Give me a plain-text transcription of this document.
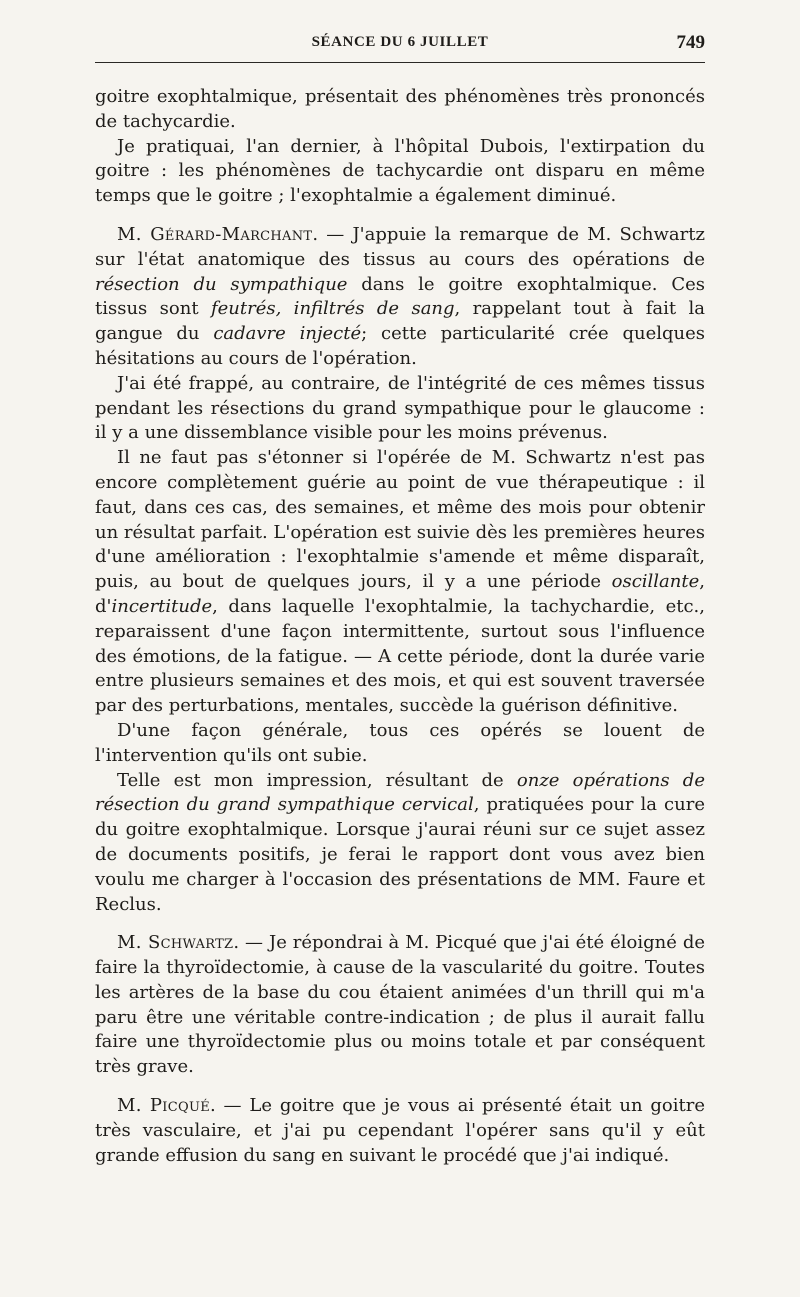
SÉANCE DU 6 JUILLET	749

goitre exophtalmique, présentait des phénomènes très prononcés de tachycardie.

Je pratiquai, l'an dernier, à l'hôpital Dubois, l'extirpation du goitre : les phénomènes de tachycardie ont disparu en même temps que le goitre ; l'exophtalmie a également diminué.

M. Gérard-Marchant. — J'appuie la remarque de M. Schwartz sur l'état anatomique des tissus au cours des opérations de résection du sympathique dans le goitre exophtalmique. Ces tissus sont feutrés, infiltrés de sang, rappelant tout à fait la gangue du cadavre injecté; cette particularité crée quelques hésitations au cours de l'opération.

J'ai été frappé, au contraire, de l'intégrité de ces mêmes tissus pendant les résections du grand sympathique pour le glaucome : il y a une dissemblance visible pour les moins prévenus.

Il ne faut pas s'étonner si l'opérée de M. Schwartz n'est pas encore complètement guérie au point de vue thérapeutique : il faut, dans ces cas, des semaines, et même des mois pour obtenir un résultat parfait. L'opération est suivie dès les premières heures d'une amélioration : l'exophtalmie s'amende et même disparaît, puis, au bout de quelques jours, il y a une période oscillante, d'incertitude, dans laquelle l'exophtalmie, la tachychardie, etc., reparaissent d'une façon intermittente, surtout sous l'influence des émotions, de la fatigue. — A cette période, dont la durée varie entre plusieurs semaines et des mois, et qui est souvent traversée par des perturbations, mentales, succède la guérison définitive.

D'une façon générale, tous ces opérés se louent de l'intervention qu'ils ont subie.

Telle est mon impression, résultant de onze opérations de résection du grand sympathique cervical, pratiquées pour la cure du goitre exophtalmique. Lorsque j'aurai réuni sur ce sujet assez de documents positifs, je ferai le rapport dont vous avez bien voulu me charger à l'occasion des présentations de MM. Faure et Reclus.

M. Schwartz. — Je répondrai à M. Picqué que j'ai été éloigné de faire la thyroïdectomie, à cause de la vascularité du goitre. Toutes les artères de la base du cou étaient animées d'un thrill qui m'a paru être une véritable contre-indication ; de plus il aurait fallu faire une thyroïdectomie plus ou moins totale et par conséquent très grave.

M. Picqué. — Le goitre que je vous ai présenté était un goitre très vasculaire, et j'ai pu cependant l'opérer sans qu'il y eût grande effusion du sang en suivant le procédé que j'ai indiqué.
